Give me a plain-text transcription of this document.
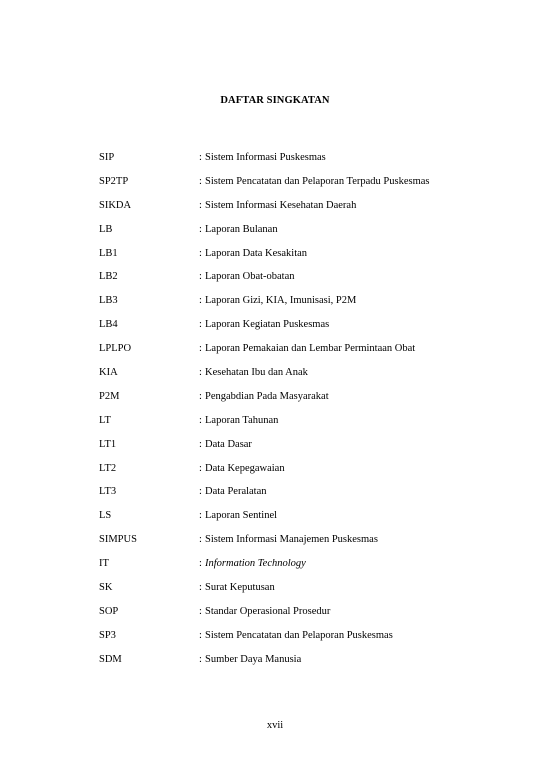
DAFTAR SINGKATAN
SIP	: Sistem Informasi Puskesmas
SP2TP	: Sistem Pencatatan dan Pelaporan Terpadu Puskesmas
SIKDA	: Sistem Informasi Kesehatan Daerah
LB	: Laporan Bulanan
LB1	: Laporan Data Kesakitan
LB2	: Laporan Obat-obatan
LB3	: Laporan Gizi, KIA, Imunisasi, P2M
LB4	: Laporan Kegiatan Puskesmas
LPLPO	: Laporan Pemakaian dan Lembar Permintaan Obat
KIA	: Kesehatan Ibu dan Anak
P2M	: Pengabdian Pada Masyarakat
LT	: Laporan Tahunan
LT1	: Data Dasar
LT2	: Data Kepegawaian
LT3	: Data Peralatan
LS	: Laporan Sentinel
SIMPUS	: Sistem Informasi Manajemen Puskesmas
IT	: Information Technology
SK	: Surat Keputusan
SOP	: Standar Operasional Prosedur
SP3	: Sistem Pencatatan dan Pelaporan Puskesmas
SDM	: Sumber Daya Manusia
xvii
